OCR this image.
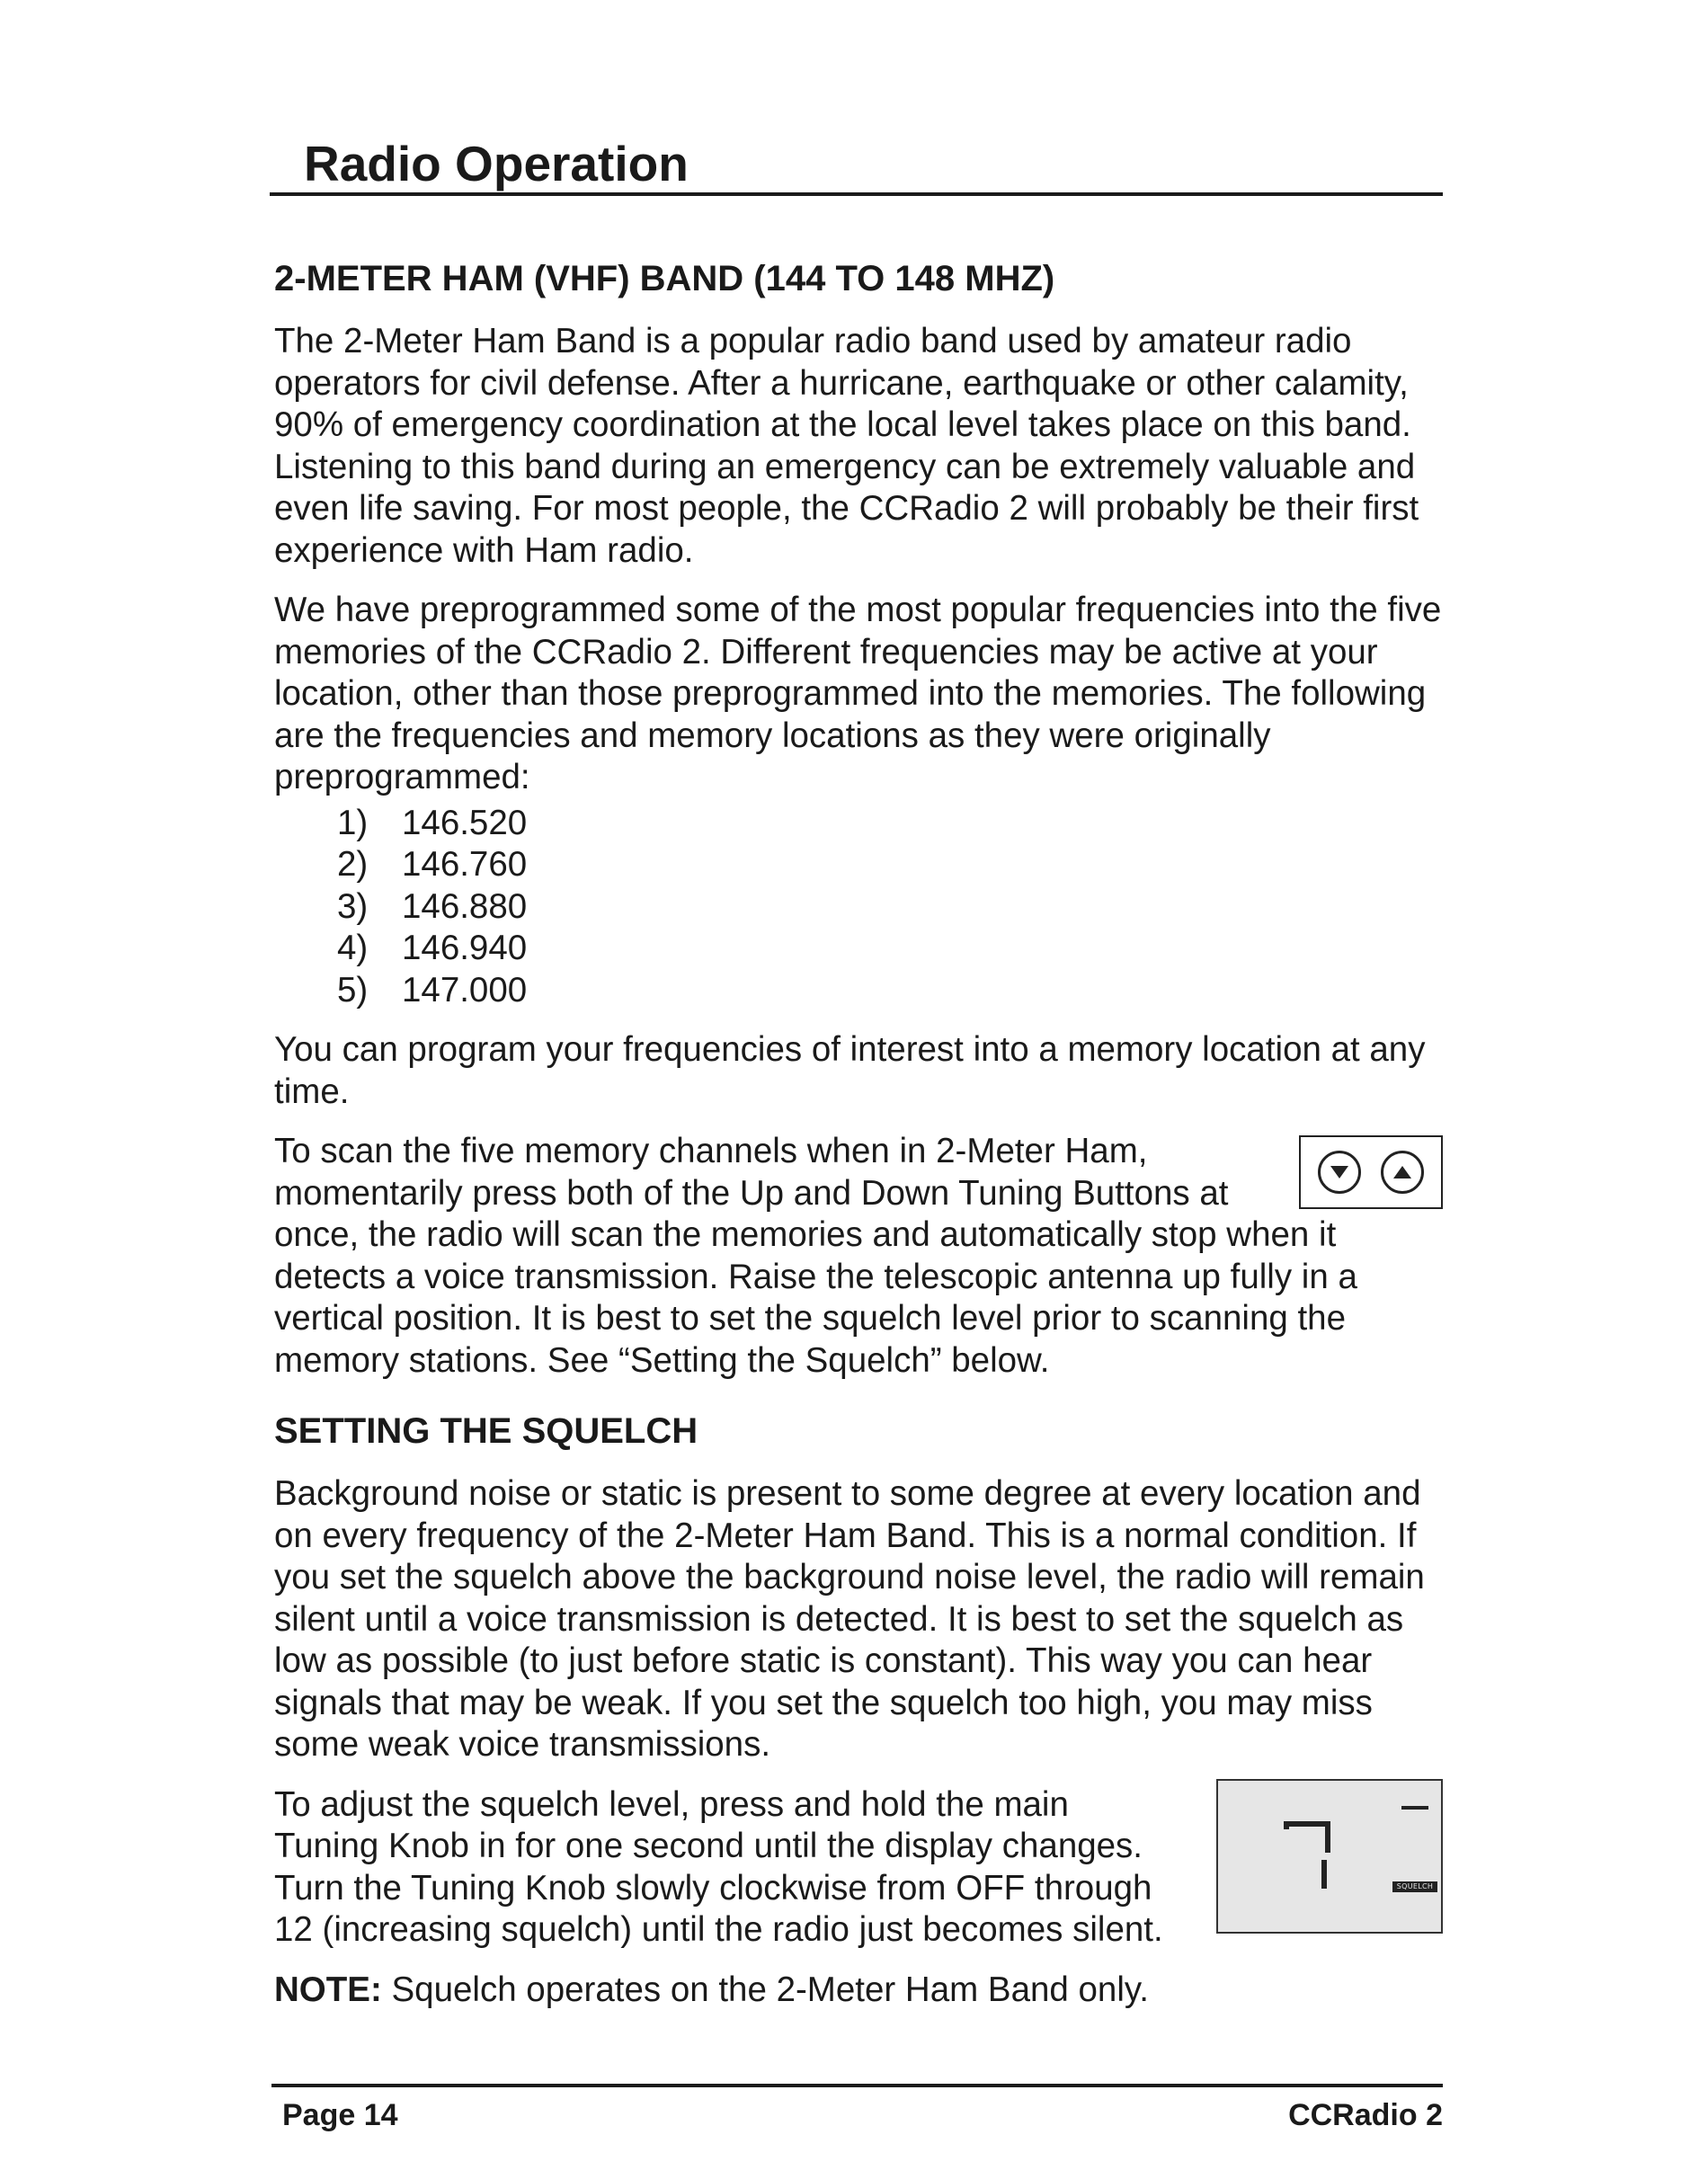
Radio Operation
2-METER HAM (VHF) BAND (144 TO 148 MHZ)

The 2-Meter Ham Band is a popular radio band used by amateur radio operators for civil defense. After a hurricane, earthquake or other calamity, 90% of emergency coordination at the local level takes place on this band. Listening to this band during an emergency can be extremely valuable and even life saving. For most people, the CCRadio 2 will probably be their first experience with Ham radio.

We have preprogrammed some of the most popular frequencies into the five memories of the CCRadio 2. Different frequencies may be active at your location, other than those preprogrammed into the memories. The following are the frequencies and memory locations as they were originally preprogrammed:

1) 146.520
2) 146.760
3) 146.880
4) 146.940
5) 147.000

You can program your frequencies of interest into a memory location at any time.

To scan the five memory channels when in 2-Meter Ham, momentarily press both of the Up and Down Tuning Buttons at once, the radio will scan the memories and automatically stop when it detects a voice transmission. Raise the telescopic antenna up fully in a vertical position. It is best to set the squelch level prior to scanning the memory stations. See “Setting the Squelch” below.

SETTING THE SQUELCH

Background noise or static is present to some degree at every location and on every frequency of the 2-Meter Ham Band. This is a normal condition. If you set the squelch above the background noise level, the radio will remain silent until a voice transmission is detected. It is best to set the squelch as low as possible (to just before static is constant). This way you can hear signals that may be weak. If you set the squelch too high, you may miss some weak voice transmissions.

SQUELCH

To adjust the squelch level, press and hold the main Tuning Knob in for one second until the display changes. Turn the Tuning Knob slowly clockwise from OFF through 12 (increasing squelch) until the radio just becomes silent.

NOTE: Squelch operates on the 2-Meter Ham Band only.

Page 14	CCRadio 2
